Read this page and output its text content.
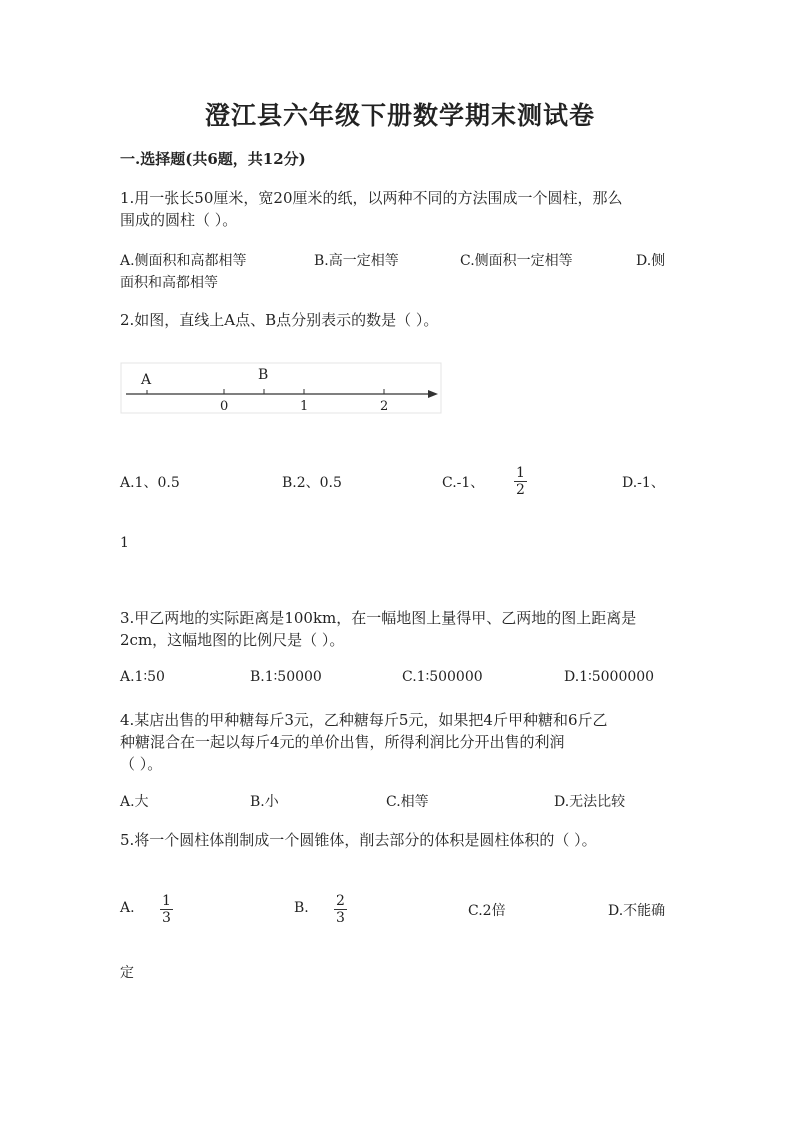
澄江县六年级下册数学期末测试卷
一.选择题(共6题，共12分)
1.用一张长50厘米，宽20厘米的纸，以两种不同的方法围成一个圆柱，那么
围成的圆柱（ ）。
A.侧面积和高都相等	B.高一定相等	C.侧面积一定相等	D.侧
面积和高都相等
2.如图，直线上A点、B点分别表示的数是（ ）。
A	B
0	1	2
A.1、0.5	B.2、0.5	C.-1、 $\frac{1}{2}$	D.-1、
1
3.甲乙两地的实际距离是100km，在一幅地图上量得甲、乙两地的图上距离是
2cm，这幅地图的比例尺是（ ）。
A.1∶50	B.1∶50000	C.1∶500000	D.1∶5000000
4.某店出售的甲种糖每斤3元，乙种糖每斤5元，如果把4斤甲种糖和6斤乙
种糖混合在一起以每斤4元的单价出售，所得利润比分开出售的利润
（ ）。
A.大	B.小	C.相等	D.无法比较
5.将一个圆柱体削制成一个圆锥体，削去部分的体积是圆柱体积的（ ）。
A. $\frac{1}{3}$	B. $\frac{2}{3}$	C.2倍	D.不能确
定
